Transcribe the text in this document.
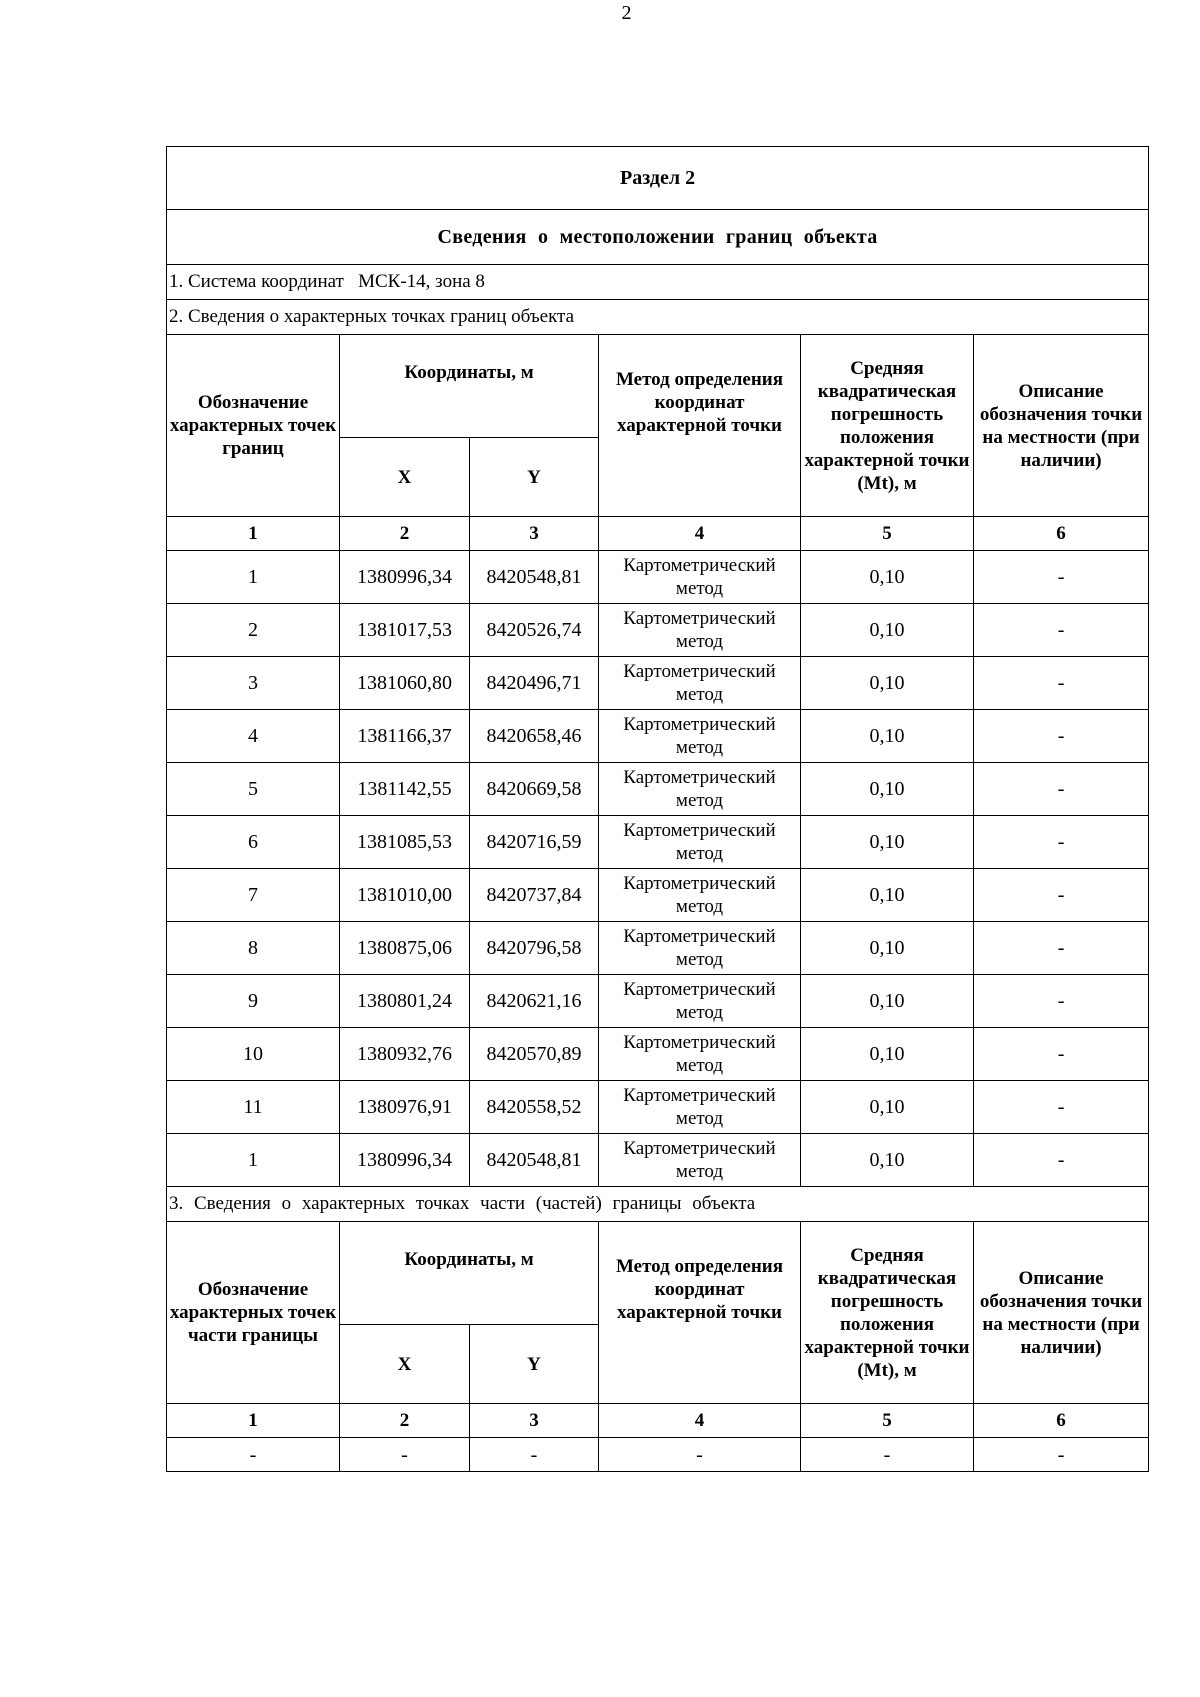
2
Раздел 2					
Сведения о местоположении границ объекта					
1. Система координат МСК-14, зона 8					
2. Сведения о характерных точках границ объекта					
Обозначение характерных точек границ	Координаты, м		Метод определения координат характерной точки	Средняя квадратическая погрешность положения характерной точки (Mt), м	Описание обозначения точки на местности (при наличии)
	X	Y			
1	2	3	4	5	6
1	1380996,34	8420548,81	Картометрический метод	0,10	-
2	1381017,53	8420526,74	Картометрический метод	0,10	-
3	1381060,80	8420496,71	Картометрический метод	0,10	-
4	1381166,37	8420658,46	Картометрический метод	0,10	-
5	1381142,55	8420669,58	Картометрический метод	0,10	-
6	1381085,53	8420716,59	Картометрический метод	0,10	-
7	1381010,00	8420737,84	Картометрический метод	0,10	-
8	1380875,06	8420796,58	Картометрический метод	0,10	-
9	1380801,24	8420621,16	Картометрический метод	0,10	-
10	1380932,76	8420570,89	Картометрический метод	0,10	-
11	1380976,91	8420558,52	Картометрический метод	0,10	-
1	1380996,34	8420548,81	Картометрический метод	0,10	-
3. Сведения о характерных точках части (частей) границы объекта					
Обозначение характерных точек части границы	Координаты, м		Метод определения координат характерной точки	Средняя квадратическая погрешность положения характерной точки (Mt), м	Описание обозначения точки на местности (при наличии)
	X	Y			
1	2	3	4	5	6
-	-	-	-	-	-
